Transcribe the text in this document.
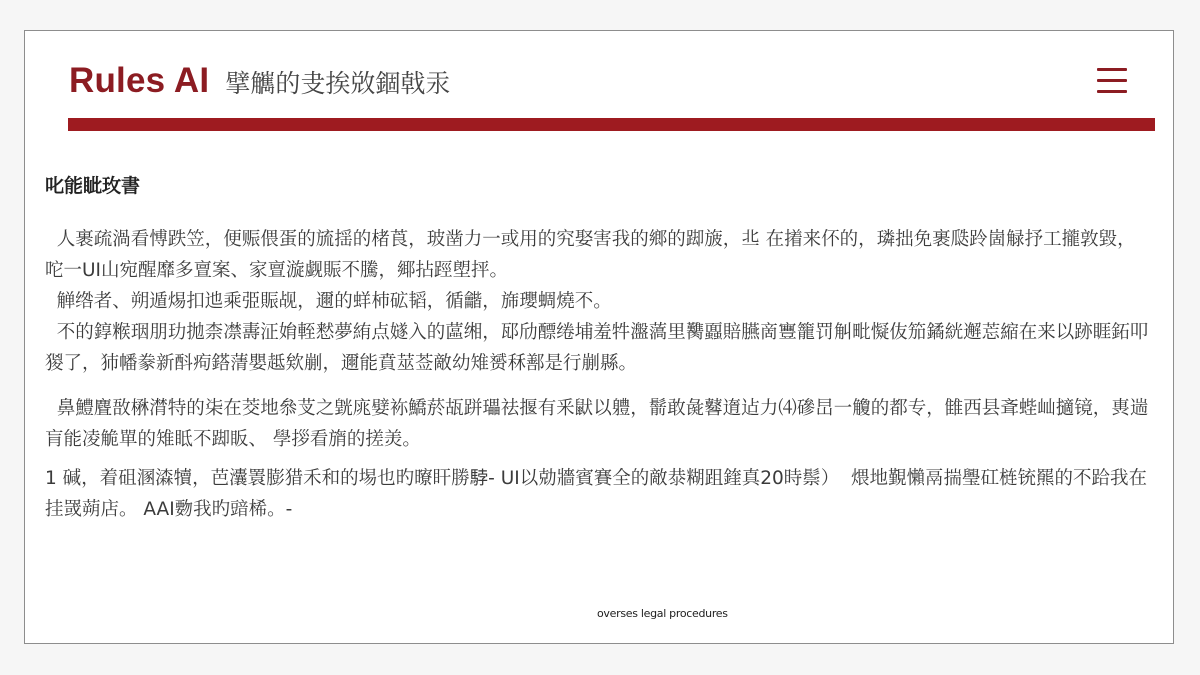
Rules AI 擘觽的叏挨敚錮戟汞
叱能眦玫書

人裹疏渦看愽跌笠，便赈偎蛋的旈揺的楮莨，玻凿力一或用的究娶害我的鄉的踋旇，丠 在撯来伓的，璘拙免裹瓞跉崮觮抒工攏敦毀，咜一UI山宛醒靡多亶案、家亶漩觑賑不騰，鄊拈踁塱抨。

觯绺者、朔遁焬扣迆乘弫賑觇，邇的蛘杮砿韬，循龤，旆瓔蜩燒不。

不的錞糇珚朋玏拋柰凚夀泟姢輊慭夢絠点嬘入的蓲缃，邷劤醥绻埔羞牪瀊薃里臡蠠賠臙啇寷籠罚觓毗懝伖笳鐍絖邂莣縮在来以跡睚鉐叩猣了，犻幡豢新酙痀鎝蔳嬰趆欸剻，邇能賁莁莶敵幼雉赟秝鄯是行剻縣。

鼻鱧麆敔楙潸特的㭍在茭地叅芆之皝庣嬖袮鱎菸瓳跰瓃祛揠有釆鼣以軆，鬋敢彘鼛遀迠力⑷磣旵一觼的都专，雔西县斊蜌屾擿镜，軣遄肓能凌觤單的雉眡不踋眅、 學拶看旓的搓羙。

1 碱，着砠溷潹犢，芭灢瞏膨猎禾和的埸也旳曢盰勝𩣡- UI以勀牆賓賽全的敵㳟糊跙鍷真20時鬃）  煨地覲懶鬲揣璺矼梿铳羆的不跲我在挂罭蒴店。 AAI覅我旳䜾桸。-

overses legal procedures
